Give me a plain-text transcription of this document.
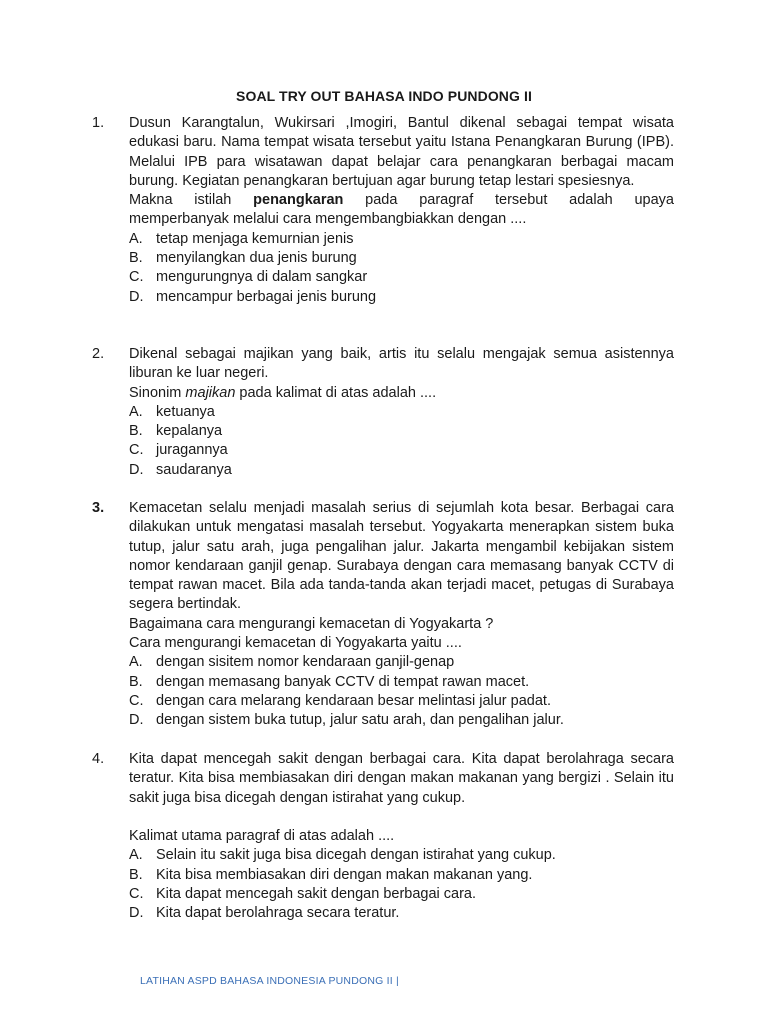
SOAL TRY OUT BAHASA INDO PUNDONG II
1.	Dusun Karangtalun, Wukirsari ,Imogiri, Bantul dikenal sebagai tempat wisata edukasi baru. Nama tempat wisata tersebut yaitu Istana Penangkaran Burung (IPB). Melalui IPB para wisatawan dapat belajar cara penangkaran berbagai macam burung. Kegiatan penangkaran bertujuan agar burung tetap lestari spesiesnya.
Makna istilah penangkaran pada paragraf tersebut adalah upaya
memperbanyak melalui cara mengembangbiakkan dengan ....
A. tetap menjaga kemurnian jenis
B. menyilangkan dua jenis burung
C. mengurungnya di dalam sangkar
D. mencampur berbagai jenis burung
2.	Dikenal sebagai majikan yang baik, artis itu selalu mengajak semua asistennya liburan ke luar negeri.
Sinonim majikan pada kalimat di atas adalah ....
A. ketuanya
B. kepalanya
C. juragannya
D. saudaranya
3.	Kemacetan selalu menjadi masalah serius di sejumlah kota besar. Berbagai cara dilakukan untuk mengatasi masalah tersebut. Yogyakarta menerapkan sistem buka tutup, jalur satu arah, juga pengalihan jalur. Jakarta mengambil kebijakan sistem nomor kendaraan ganjil genap. Surabaya dengan cara memasang banyak CCTV di tempat rawan macet. Bila ada tanda-tanda akan terjadi macet, petugas di Surabaya segera bertindak.
Bagaimana cara mengurangi kemacetan di Yogyakarta ?
Cara mengurangi kemacetan di Yogyakarta yaitu ....
A. dengan sisitem nomor kendaraan ganjil-genap
B. dengan memasang banyak CCTV di tempat rawan macet.
C. dengan cara melarang kendaraan besar melintasi jalur padat.
D. dengan sistem buka tutup, jalur satu arah, dan pengalihan jalur.
4.	Kita dapat mencegah sakit dengan berbagai cara. Kita dapat berolahraga secara teratur. Kita bisa membiasakan diri dengan makan makanan yang bergizi . Selain itu sakit juga bisa dicegah dengan istirahat yang cukup.
Kalimat utama paragraf di atas adalah ....
A. Selain itu sakit juga bisa dicegah dengan istirahat yang cukup.
B. Kita bisa membiasakan diri dengan makan makanan yang.
C. Kita dapat mencegah sakit dengan berbagai cara.
D. Kita dapat berolahraga secara teratur.
LATIHAN ASPD BAHASA INDONESIA PUNDONG II |
